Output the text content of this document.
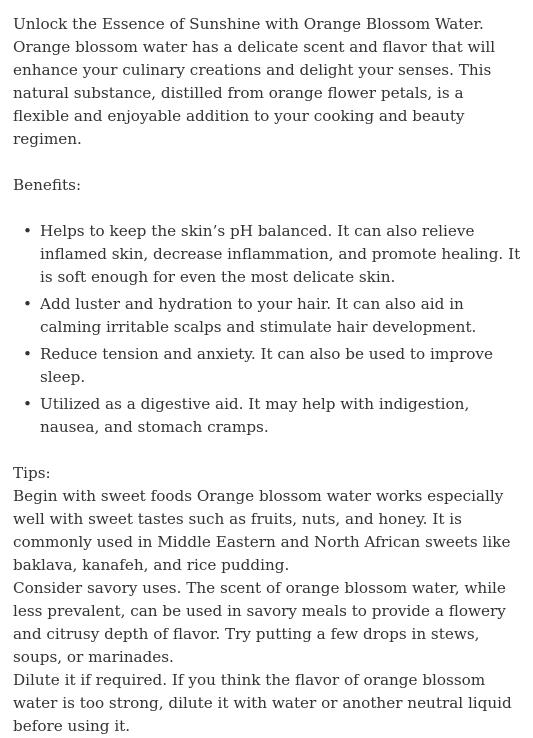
Unlock the Essence of Sunshine with Orange Blossom Water. Orange blossom water has a delicate scent and flavor that will enhance your culinary creations and delight your senses. This natural substance, distilled from orange flower petals, is a flexible and enjoyable addition to your cooking and beauty regimen.

Benefits:

• Helps to keep the skin’s pH balanced. It can also relieve inflamed skin, decrease inflammation, and promote healing. It is soft enough for even the most delicate skin.
• Add luster and hydration to your hair. It can also aid in calming irritable scalps and stimulate hair development.
• Reduce tension and anxiety. It can also be used to improve sleep.
• Utilized as a digestive aid. It may help with indigestion, nausea, and stomach cramps.

Tips:

Begin with sweet foods Orange blossom water works especially well with sweet tastes such as fruits, nuts, and honey. It is commonly used in Middle Eastern and North African sweets like baklava, kanafeh, and rice pudding.

Consider savory uses. The scent of orange blossom water, while less prevalent, can be used in savory meals to provide a flowery and citrusy depth of flavor. Try putting a few drops in stews, soups, or marinades.

Dilute it if required. If you think the flavor of orange blossom water is too strong, dilute it with water or another neutral liquid before using it.
